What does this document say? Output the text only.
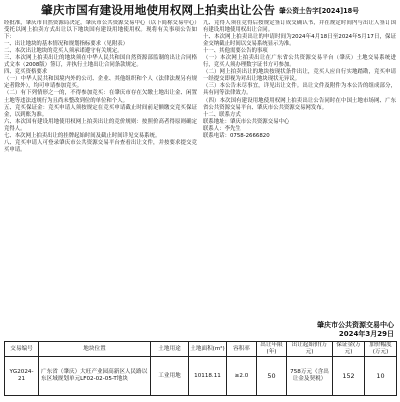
肇庆市国有建设用地使用权网上拍卖出让公告 肇公资土告字[2024]18号

经批准，肇庆市自然资源局决定，肇庆市公共资源交易中心（以下简称交易中心）受托以网上拍卖方式出让以下地块国有建设用地使用权。现将有关事项公告如下：

一、出让地块的基本情况和规划指标要求（见附表）

二、本次出让地块的竞买人须承诺遵守有关规定。

三、本次网上拍卖出让的地块须在中华人民共和国自然资源部监制的出让合同格式文本（2008版）签订，并执行土地出让合同条款规定。

四、竞买资格要求

（一）中华人民共和国境内外的公司、企业、其他组织和个人（法律法规另有规定者除外），均可申请参加竞买。

（二）有下列情形之一的，不得参加竞买：在肇庆市存在欠缴土地出让金、闲置土地等违法违规行为且尚未整改到位的单位和个人。

五、竞买保证金：竞买申请人须按规定在竞买申请截止时间前足额缴交竞买保证金，以到账为准。

六、本次国有建设用地使用权网上拍卖出让的竞价规则：按照价高者得原则确定竞得人。

七、本次网上拍卖出让的挂牌起始时间及截止时间详见交易系统。

八、竞买申请人可登录肇庆市公共资源交易平台查看出让文件，并按要求提交竞买申请。

九、竞得人须在竞得后按规定签订成交确认书，并在规定时间内与出让人签订国有建设用地使用权出让合同。

十、本次网上拍卖出让的申请时间为2024年4月18日至2024年5月17日，保证金交纳截止时间以交易系统显示为准。

十一、其他需要公告的事项

（一）本次网上拍卖出让在广东省公共资源交易平台（肇庆）土地交易系统进行，竞买人须办理数字证书方可参加。

（二）网上拍卖出让的地块按现状条件出让，竞买人应自行实地踏勘，竞买申请一经提交即视为对出让地块现状无异议。

（三）本公告未尽事宜，详见出让文件。出让文件及附件为本公告的组成部分，具有同等法律效力。

（四）本次国有建设用地使用权网上拍卖出让公告同时在中国土地市场网、广东省公共资源交易平台、肇庆市公共资源交易网发布。

十二、联系方式

联系地址：肇庆市公共资源交易中心

联系人：李先生

联系电话：0758-2666820

肇庆市公共资源交易中心
2024年3月29日
交易编号	地块位置	土地用途	土地面积(m²)	容积率	出让年限(年)	出让起始价(万元)	保证金(万元)	加价幅度(万元)
YG2024-21	广东省（肇庆）大旺产业园高新区人民路以东区域规划单元LF02-02-05-T地块	工业用地	10118.11	≥2.0	50	758万元（含出让金及契税）	152	10
